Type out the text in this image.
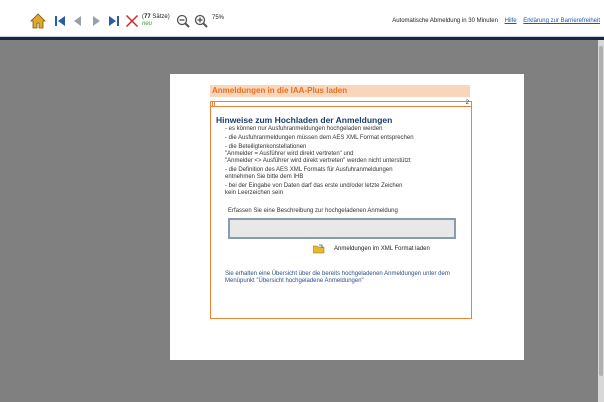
(77 Sätze)
neu
75%	Automatische Abmeldung in 30 Minuten Hilfe Erklärung zur Barrierefreiheit
Anmeldungen in die IAA-Plus laden
2
Hinweise zum Hochladen der Anmeldungen

- es können nur Ausfuhranmeldungen hochgeladen werden

- die Ausfuhranmeldungen müssen dem AES XML Format entsprechen

- die Beteiligtenkonstellationen
"Anmelder = Ausführer wird direkt vertreten" und
"Anmelder <> Ausführer wird direkt vertreten" werden nicht unterstützt

- die Definition des AES XML Formats für Ausfuhranmeldungen
entnehmen Sie bitte dem IHB

- bei der Eingabe von Daten darf das erste und/oder letzte Zeichen
kein Leerzeichen sein

Erfassen Sie eine Beschreibung zur hochgeladenen Anmeldung
Anmeldungen im XML Format laden
Sie erhalten eine Übersicht über die bereits hochgeladenen Anmeldungen unter dem Menüpunkt "Übersicht hochgeladene Anmeldungen"
